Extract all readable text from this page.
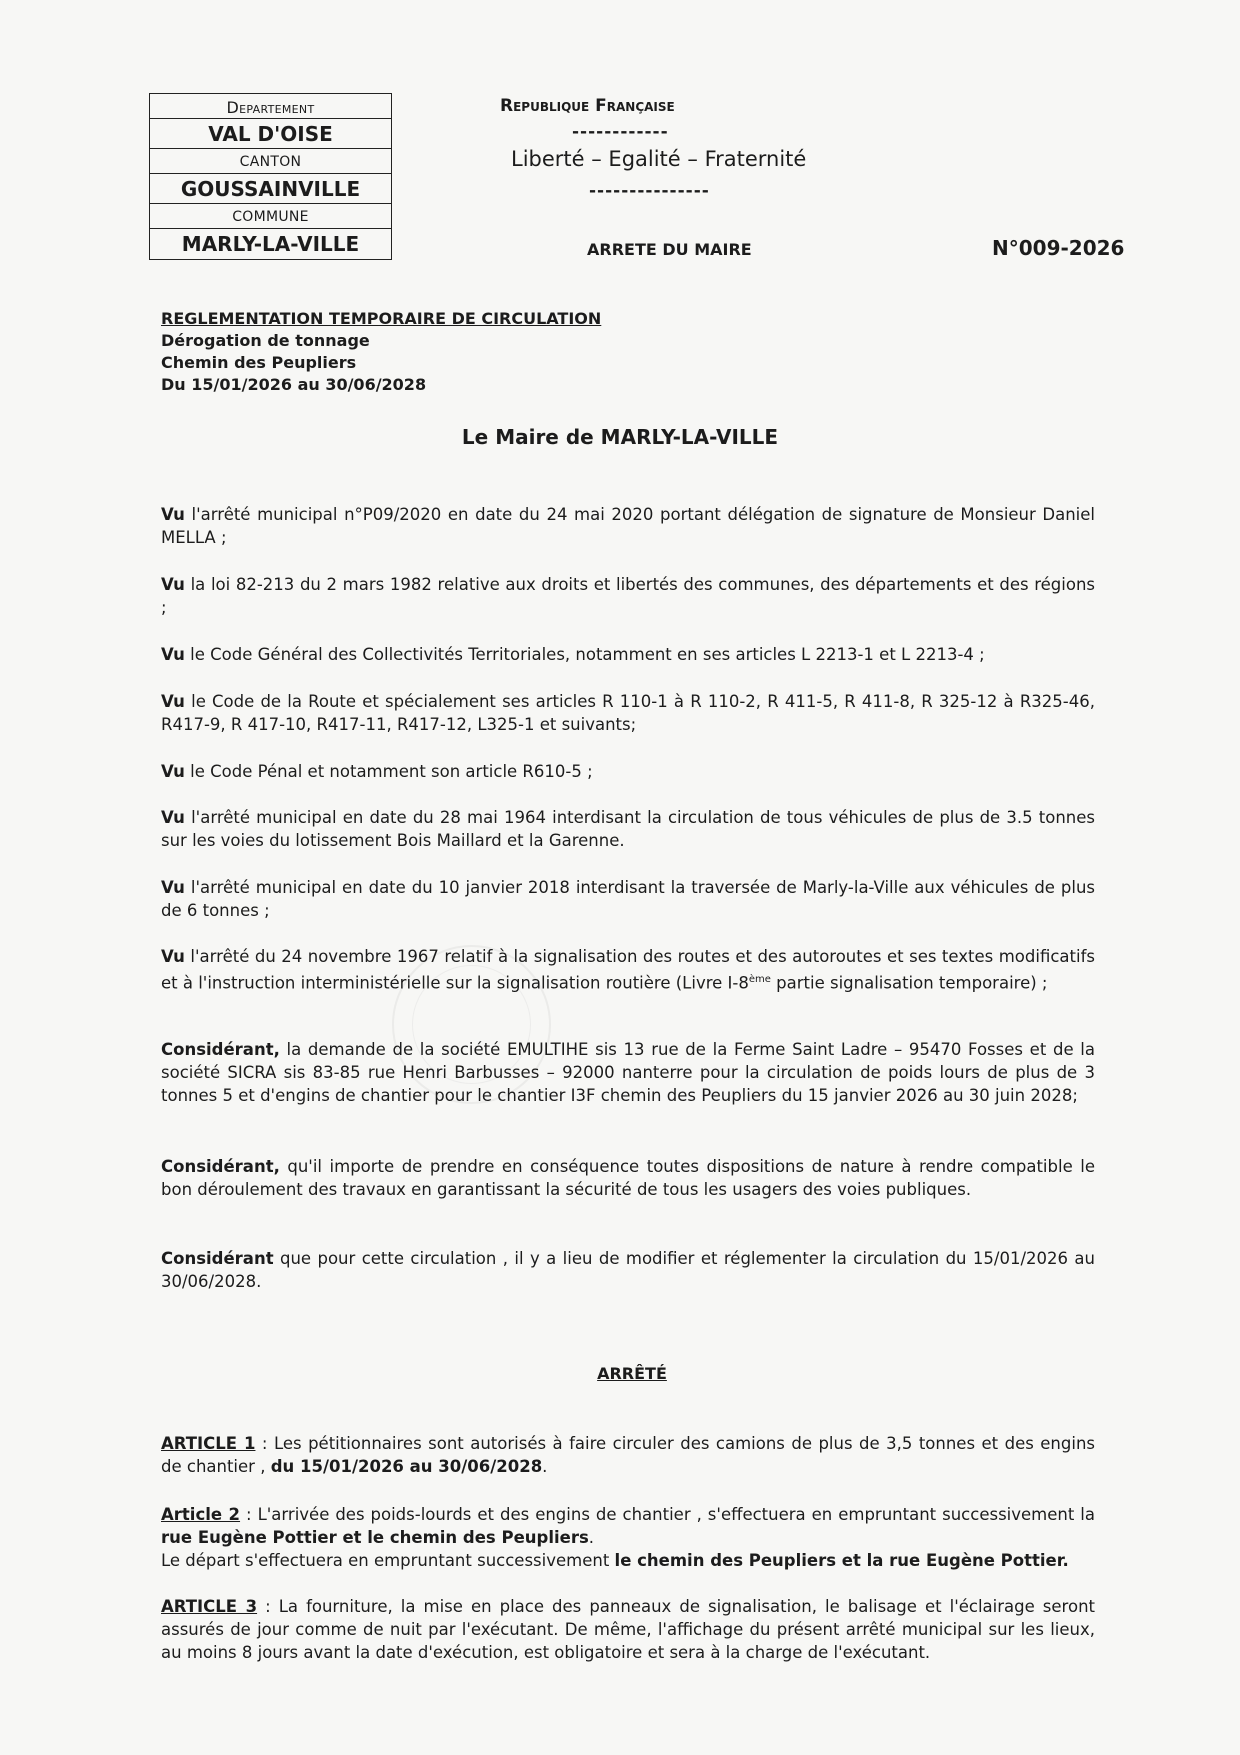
Departement
VAL D'OISE
CANTON
GOUSSAINVILLE
COMMUNE
MARLY-LA-VILLE
Republique Française
------------
Liberté – Egalité – Fraternité
---------------
ARRETE DU MAIRE	N°009-2026
REGLEMENTATION TEMPORAIRE DE CIRCULATION
Dérogation de tonnage
Chemin des Peupliers
Du 15/01/2026 au 30/06/2028
Le Maire de MARLY-LA-VILLE
Vu l'arrêté municipal n°P09/2020 en date du 24 mai 2020 portant délégation de signature de Monsieur Daniel MELLA ;
Vu la loi 82-213 du 2 mars 1982 relative aux droits et libertés des communes, des départements et des régions ;
Vu le Code Général des Collectivités Territoriales, notamment en ses articles L 2213-1 et L 2213-4 ;
Vu le Code de la Route et spécialement ses articles R 110-1 à R 110-2, R 411-5, R 411-8, R 325-12 à R325-46, R417-9, R 417-10, R417-11, R417-12, L325-1 et suivants;
Vu le Code Pénal et notamment son article R610-5 ;
Vu l'arrêté municipal en date du 28 mai 1964 interdisant la circulation de tous véhicules de plus de 3.5 tonnes sur les voies du lotissement Bois Maillard et la Garenne.
Vu l'arrêté municipal en date du 10 janvier 2018 interdisant la traversée de Marly-la-Ville aux véhicules de plus de 6 tonnes ;
Vu l'arrêté du 24 novembre 1967 relatif à la signalisation des routes et des autoroutes et ses textes modificatifs et à l'instruction interministérielle sur la signalisation routière (Livre I-8ème partie signalisation temporaire) ;
Considérant, la demande de la société EMULTIHE sis 13 rue de la Ferme Saint Ladre – 95470 Fosses et de la société SICRA sis 83-85 rue Henri Barbusses – 92000 nanterre pour la circulation de poids lours de plus de 3 tonnes 5 et d'engins de chantier pour le chantier I3F chemin des Peupliers du 15 janvier 2026 au 30 juin 2028;
Considérant, qu'il importe de prendre en conséquence toutes dispositions de nature à rendre compatible le bon déroulement des travaux en garantissant la sécurité de tous les usagers des voies publiques.
Considérant que pour cette circulation , il y a lieu de modifier et réglementer la circulation du 15/01/2026 au 30/06/2028.
ARRÊTÉ
ARTICLE 1 : Les pétitionnaires sont autorisés à faire circuler des camions de plus de 3,5 tonnes et des engins de chantier , du 15/01/2026 au 30/06/2028.
Article 2 : L'arrivée des poids-lourds et des engins de chantier , s'effectuera en empruntant successivement la rue Eugène Pottier et le chemin des Peupliers.
Le départ s'effectuera en empruntant successivement le chemin des Peupliers et la rue Eugène Pottier.
ARTICLE 3 : La fourniture, la mise en place des panneaux de signalisation, le balisage et l'éclairage seront assurés de jour comme de nuit par l'exécutant. De même, l'affichage du présent arrêté municipal sur les lieux, au moins 8 jours avant la date d'exécution, est obligatoire et sera à la charge de l'exécutant.
